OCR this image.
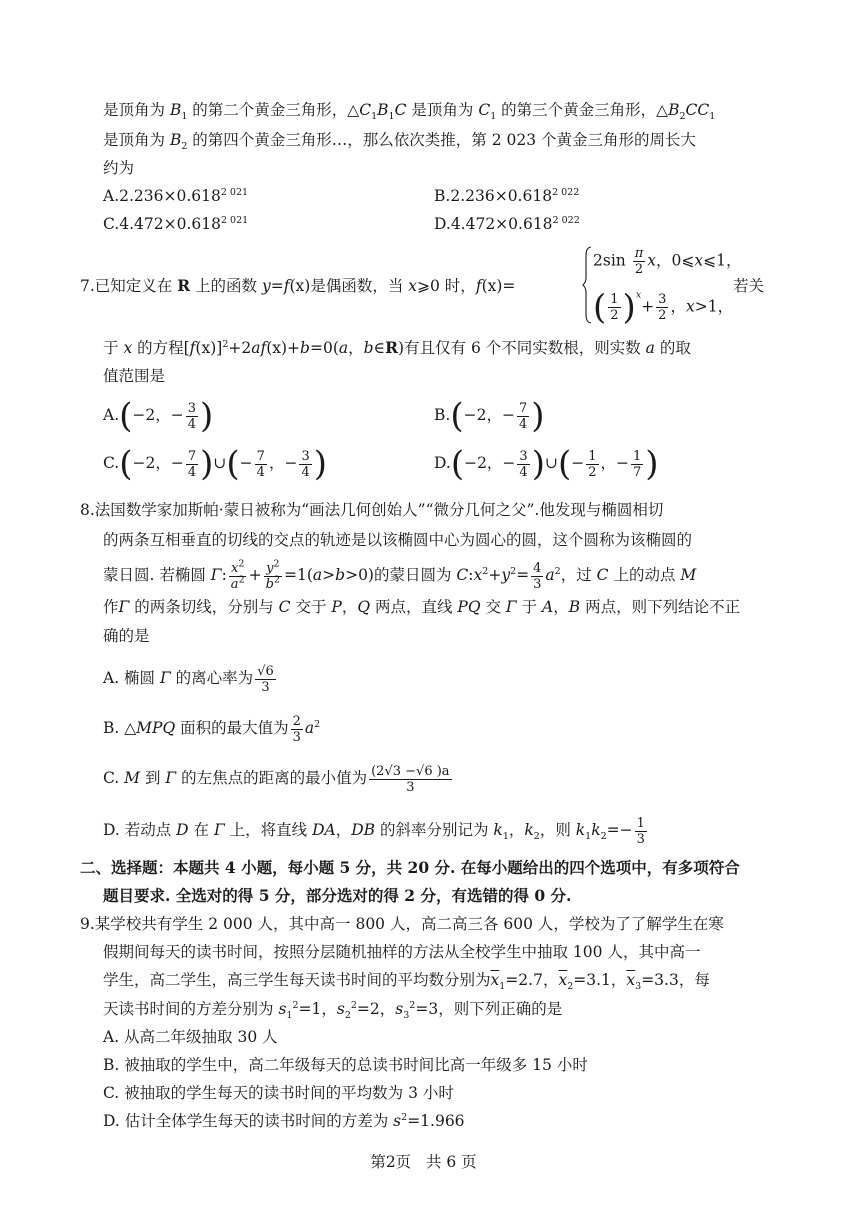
是顶角为 $B_1$ 的第二个黄金三角形，$\triangle C_1B_1C$ 是顶角为 $C_1$ 的第三个黄金三角形，$\triangle B_2CC_1$
是顶角为 $B_2$ 的第四个黄金三角形…，那么依次类推，第 2 023 个黄金三角形的周长大
约为
$A.2.236\times 0.618^{2 021}$	$B.2.236\times 0.618^{2 022}$
$C.4.472\times 0.618^{2 021}$	$D.4.472\times 0.618^{2 022}$
7.已知定义在 R 上的函数 y=f(x)是偶函数，当 x⩾0 时，f(x)=
$2\sin \frac{\pi}{2}$ x，0⩽x⩽1，
( $\frac{1}{2} )^x+ \frac{3}{2}$ ，x>1，
若关
于 x 的方程$[f(x)]^2+2af(x)+b=0(a$，b∈R)有且仅有 6 个不同实数根，则实数 a 的取
值范围是
A.(−2，− $\frac{3}{4}$ )	B.(−2，− $\frac{7}{4}$ )
C.(−2，− $\frac{7}{4}$ )∪(− $\frac{7}{4}$ ，− $\frac{3}{4}$ )	D.(−2，− $\frac{3}{4}$ )∪(− $\frac{1}{2}$ ，− $\frac{1}{7}$ )
8.法国数学家加斯帕·蒙日被称为“画法几何创始人”“微分几何之父”.他发现与椭圆相切
的两条互相垂直的切线的交点的轨迹是以该椭圆中心为圆心的圆，这个圆称为该椭圆的
蒙日圆. 若椭圆 Γ: $\frac{x^2}{a^2} + \frac{y^2}{b^2} =1(a>b>0)$的蒙日圆为 $C:x^2+y^2= \frac{4}{3} a^2$，过 C 上的动点 M
作Γ 的两条切线，分别与 C 交于 P，Q 两点，直线 PQ 交 Γ 于 A，B 两点，则下列结论不正
确的是
A. 椭圆 Γ 的离心率为 $\frac{√6}{3}$
B. △MPQ 面积的最大值为 $\frac{2}{3} a^2$
C. M 到 Γ 的左焦点的距离的最小值为 $\frac{(2√3 -√6 )a}{3}$
D. 若动点 D 在 Γ 上，将直线 DA，DB 的斜率分别记为 $k_1$，$k_2$，则 $k_1k_2=- \frac{1}{3}$
二、选择题：本题共 4 小题，每小题 5 分，共 20 分. 在每小题给出的四个选项中，有多项符合
题目要求. 全选对的得 5 分，部分选对的得 2 分，有选错的得 0 分.
9.某学校共有学生 2 000 人，其中高一 800 人，高二高三各 600 人，学校为了了解学生在寒
假期间每天的读书时间，按照分层随机抽样的方法从全校学生中抽取 100 人，其中高一
学生，高二学生，高三学生每天读书时间的平均数分别为$\overline{x}_1=2.7$，$\overline{x}_2=3.1$，$\overline{x}_3=3.3$，每
天读书时间的方差分别为 $s_1^2=1$，$s_2^2=2$，$s_3^2=3$，则下列正确的是
A. 从高二年级抽取 30 人
B. 被抽取的学生中，高二年级每天的总读书时间比高一年级多 15 小时
C. 被抽取的学生每天的读书时间的平均数为 3 小时
D. 估计全体学生每天的读书时间的方差为 $s^2=1.966$
第2页 共 6 页
